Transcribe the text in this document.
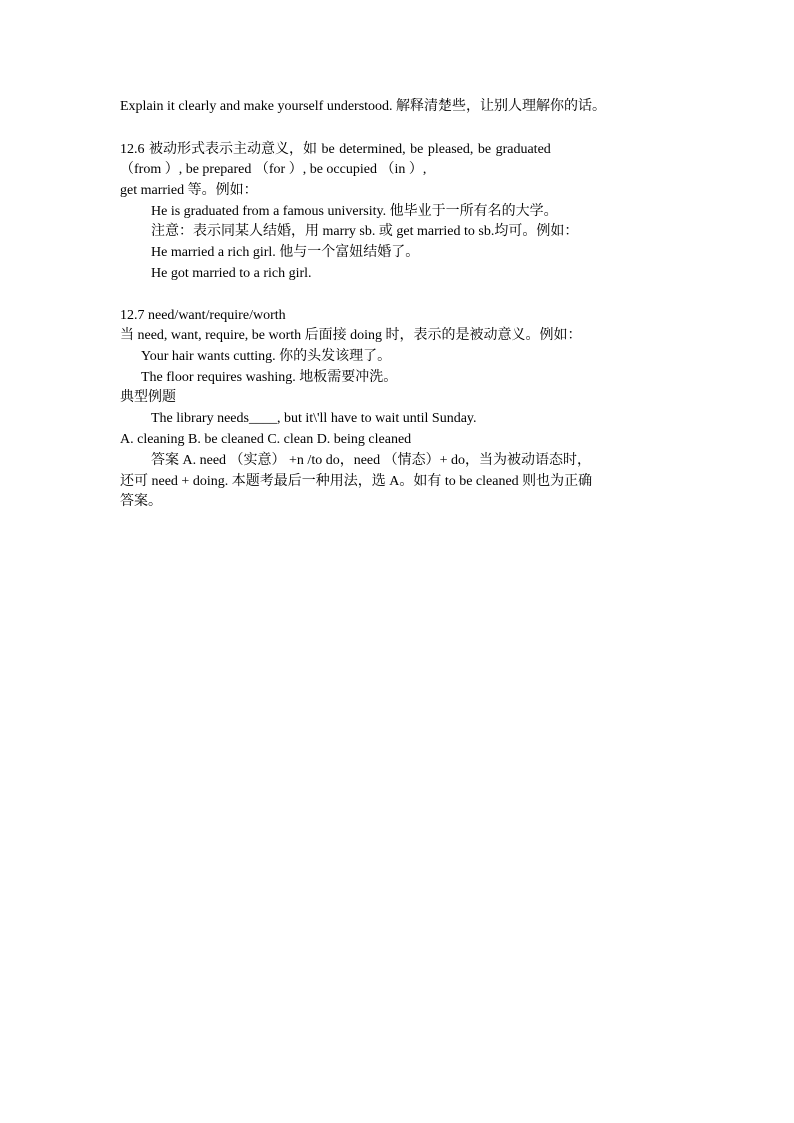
Explain it clearly and make yourself understood. 解释清楚些，让别人理解你的话。
12.6 被动形式表示主动意义，如 be determined, be pleased, be graduated
（from ）, be prepared （for ）, be occupied （in ）,
get married 等。例如：
He is graduated from a famous university. 他毕业于一所有名的大学。
注意：表示同某人结婚，用 marry sb. 或 get married to sb.均可。例如：
He married a rich girl. 他与一个富妞结婚了。
He got married to a rich girl.
12.7 need/want/require/worth
当 need, want, require, be worth 后面接 doing 时，表示的是被动意义。例如：
Your hair wants cutting. 你的头发该理了。
The floor requires washing. 地板需要冲洗。
典型例题
The library needs____, but it\'ll have to wait until Sunday.
A. cleaning B. be cleaned C. clean D. being cleaned
答案 A. need （实意） +n /to do，need （情态）+ do，当为被动语态时，
还可 need + doing. 本题考最后一种用法，选 A。如有 to be cleaned 则也为正确
答案。
